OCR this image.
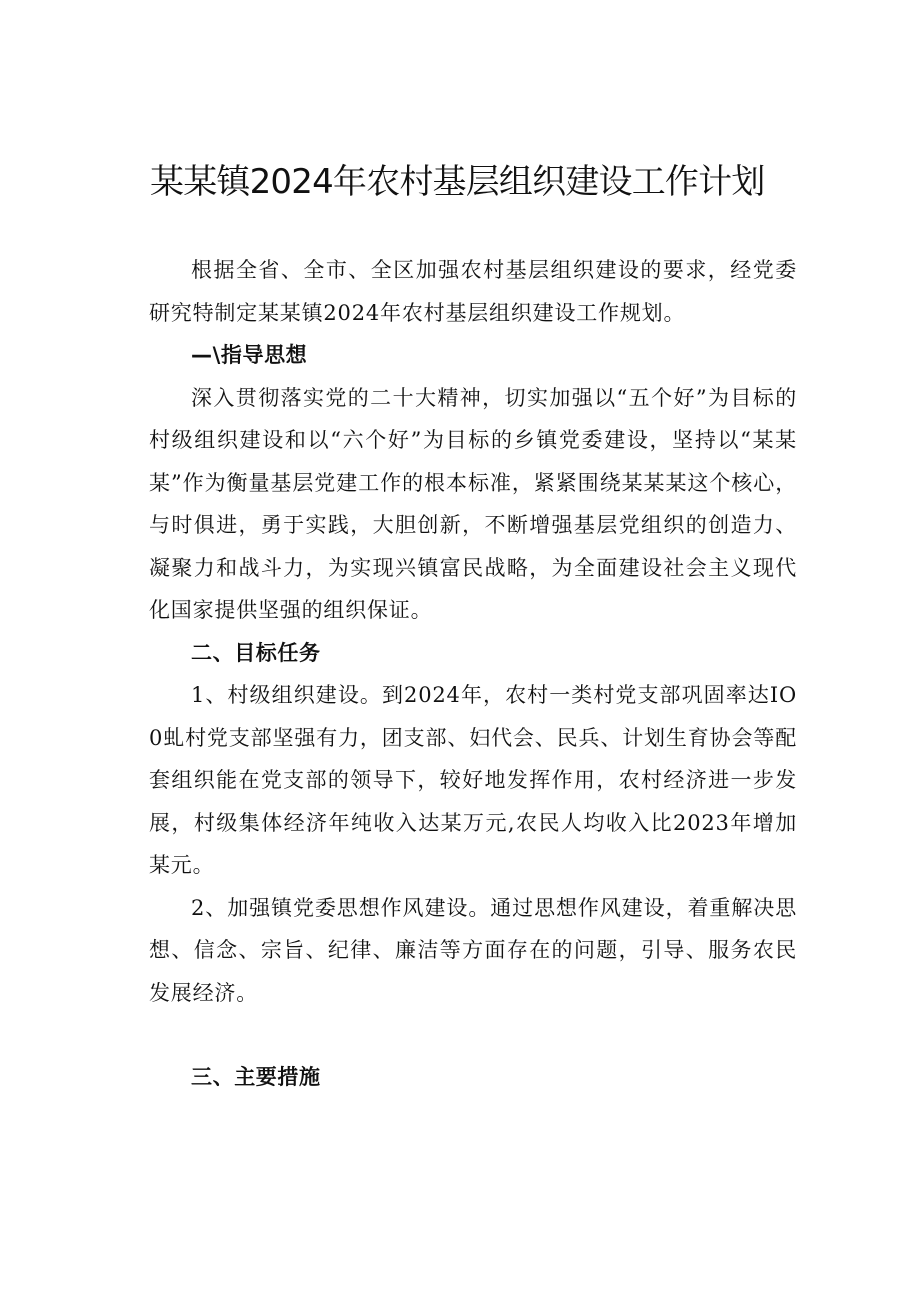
某某镇2024年农村基层组织建设工作计划

根据全省、全市、全区加强农村基层组织建设的要求，经党委研究特制定某某镇2024年农村基层组织建设工作规划。

—\指导思想

深入贯彻落实党的二十大精神，切实加强以“五个好”为目标的村级组织建设和以“六个好”为目标的乡镇党委建设，坚持以“某某某”作为衡量基层党建工作的根本标准，紧紧围绕某某某这个核心，与时俱进，勇于实践，大胆创新，不断增强基层党组织的创造力、凝聚力和战斗力，为实现兴镇富民战略，为全面建设社会主义现代化国家提供坚强的组织保证。

二、目标任务

1、村级组织建设。到2024年，农村一类村党支部巩固率达IO0虬村党支部坚强有力，团支部、妇代会、民兵、计划生育协会等配套组织能在党支部的领导下，较好地发挥作用，农村经济进一步发展，村级集体经济年纯收入达某万元,农民人均收入比2023年增加某元。

2、加强镇党委思想作风建设。通过思想作风建设，着重解决思想、信念、宗旨、纪律、廉洁等方面存在的问题，引导、服务农民发展经济。

三、主要措施
